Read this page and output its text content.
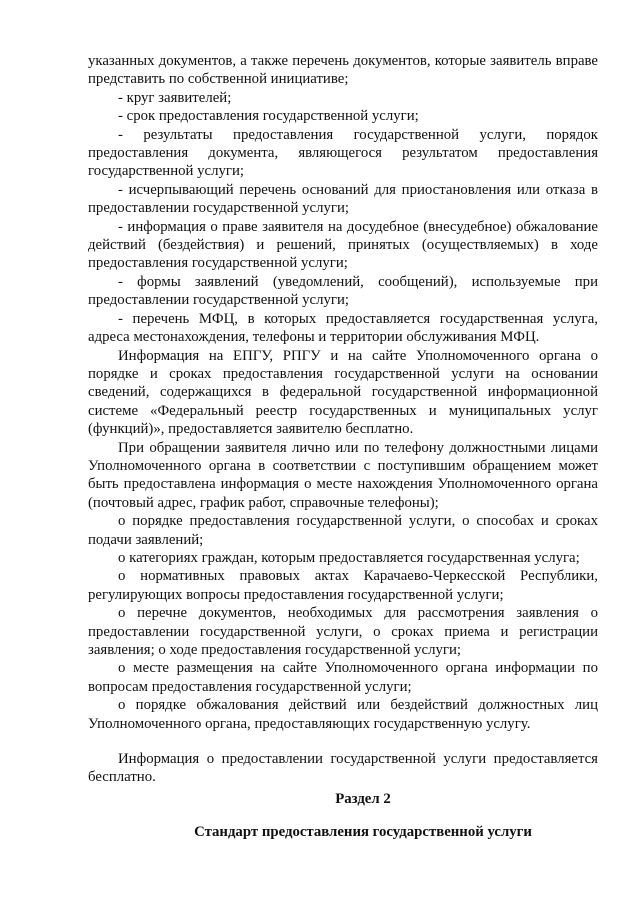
указанных документов, а также перечень документов, которые заявитель вправе представить по собственной инициативе;

- круг заявителей;

- срок предоставления государственной услуги;

- результаты предоставления государственной услуги, порядок предоставления документа, являющегося результатом предоставления государственной услуги;

- исчерпывающий перечень оснований для приостановления или отказа в предоставлении государственной услуги;

- информация о праве заявителя на досудебное (внесудебное) обжалование действий (бездействия) и решений, принятых (осуществляемых) в ходе предоставления государственной услуги;

- формы заявлений (уведомлений, сообщений), используемые при предоставлении государственной услуги;

- перечень МФЦ, в которых предоставляется государственная услуга, адреса местонахождения, телефоны и территории обслуживания МФЦ.

Информация на ЕПГУ, РПГУ и на сайте Уполномоченного органа о порядке и сроках предоставления государственной услуги на основании сведений, содержащихся в федеральной государственной информационной системе «Федеральный реестр государственных и муниципальных услуг (функций)», предоставляется заявителю бесплатно.

При обращении заявителя лично или по телефону должностными лицами Уполномоченного органа в соответствии с поступившим обращением может быть предоставлена информация о месте нахождения Уполномоченного органа (почтовый адрес, график работ, справочные телефоны);

о порядке предоставления государственной услуги, о способах и сроках подачи заявлений;

о категориях граждан, которым предоставляется государственная услуга;

о нормативных правовых актах Карачаево-Черкесской Республики, регулирующих вопросы предоставления государственной услуги;

о перечне документов, необходимых для рассмотрения заявления о предоставлении государственной услуги, о сроках приема и регистрации заявления; о ходе предоставления государственной услуги;

о месте размещения на сайте Уполномоченного органа информации по вопросам предоставления государственной услуги;

о порядке обжалования действий или бездействий должностных лиц Уполномоченного органа, предоставляющих государственную услугу.

Информация о предоставлении государственной услуги предоставляется бесплатно.

Раздел 2
Стандарт предоставления государственной услуги
